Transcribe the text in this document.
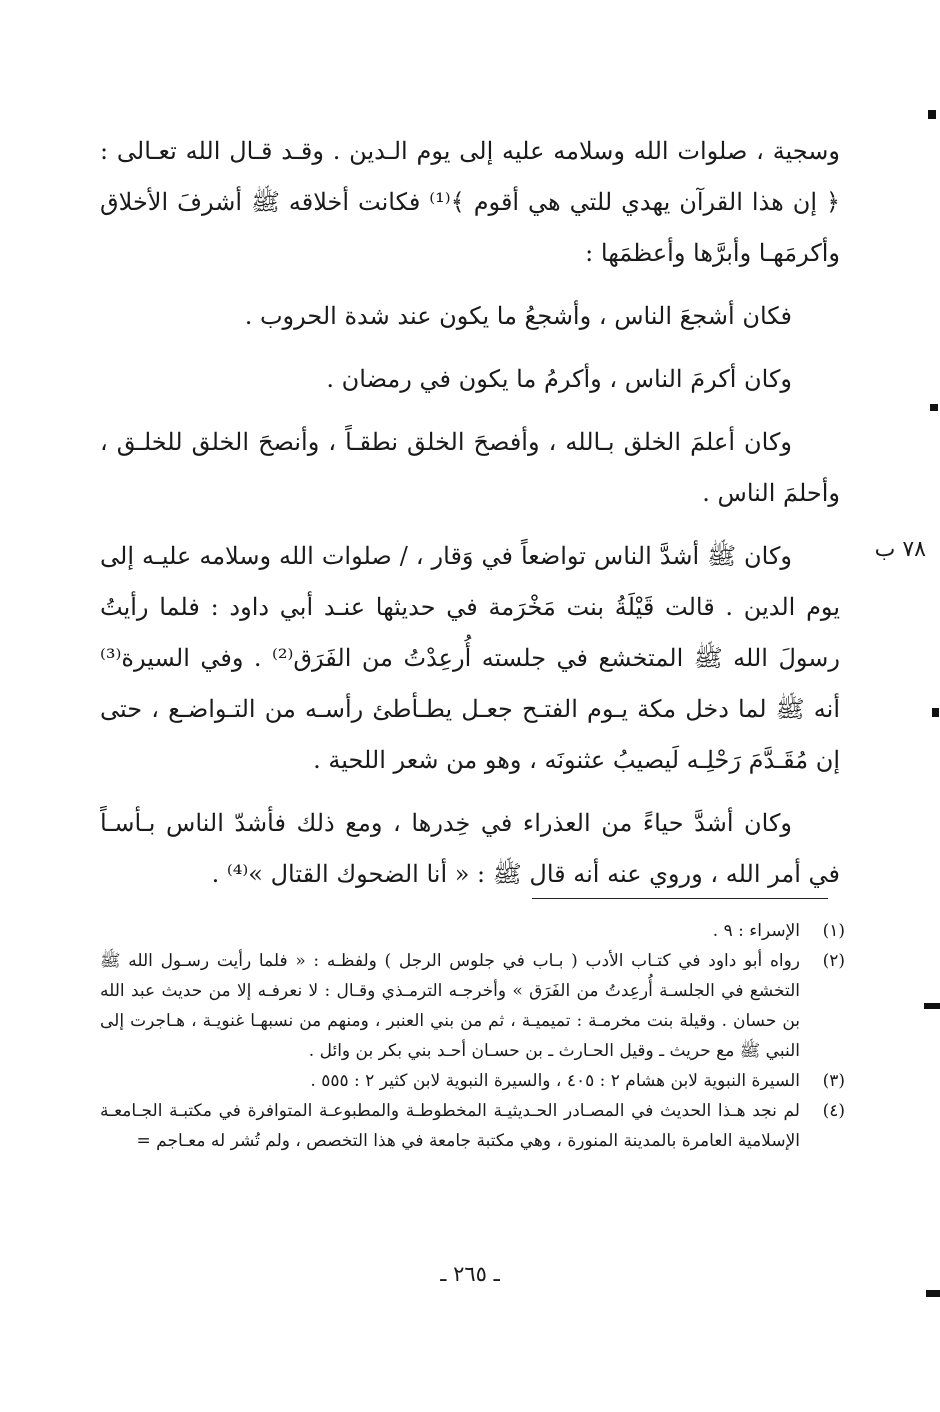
وسجية ، صلوات الله وسلامه عليه إلى يوم الـدين . وقـد قـال الله تعـالى : ﴿ إن هذا القرآن يهدي للتي هي أقوم ﴾⁽¹⁾ فكانت أخلاقه ﷺ أشرفَ الأخلاق وأكرمَهـا وأبرَّها وأعظمَها :

فكان أشجعَ الناس ، وأشجعُ ما يكون عند شدة الحروب .

وكان أكرمَ الناس ، وأكرمُ ما يكون في رمضان .

وكان أعلمَ الخلق بـالله ، وأفصحَ الخلق نطقـاً ، وأنصحَ الخلق للخلـق ، وأحلمَ الناس .

وكان ﷺ أشدَّ الناس تواضعاً في وَقار ، / صلوات الله وسلامه عليـه إلى يوم الدين . قالت قَيْلَةُ بنت مَخْرَمة في حديثها عنـد أبي داود : فلما رأيتُ رسولَ الله ﷺ المتخشع في جلسته أُرعِدْتُ من الفَرَق⁽²⁾ . وفي السيرة⁽³⁾ أنه ﷺ لما دخل مكة يـوم الفتـح جعـل يطـأطئ رأسـه من التـواضـع ، حتى إن مُقَـدَّمَ رَحْلِـه لَيصيبُ عثنونَه ، وهو من شعر اللحية .

وكان أشدَّ حياءً من العذراء في خِدرها ، ومع ذلك فأشدّ الناس بـأسـاً في أمر الله ، وروي عنه أنه قال ﷺ : « أنا الضحوك القتال »⁽⁴⁾ .

٧٨ ب
(١)
الإسراء : ٩ .
(٢)
رواه أبو داود في كتـاب الأدب ( بـاب في جلوس الرجل ) ولفظـه : « فلما رأيت رسـول الله ﷺ التخشع في الجلسـة أُرعِدتُ من الفَرَق » وأخرجـه الترمـذي وقـال : لا نعرفـه إلا من حديث عبد الله بن حسان . وقيلة بنت مخرمـة : تميميـة ، ثم من بني العنبر ، ومنهم من نسبهـا غنويـة ، هـاجرت إلى النبي ﷺ مع حريث ـ وقيل الحـارث ـ بن حسـان أحـد بني بكر بن وائل .
(٣)
السيرة النبوية لابن هشام ٢ : ٤٠٥ ، والسيرة النبوية لابن كثير ٢ : ٥٥٥ .
(٤)
لم نجد هـذا الحديث في المصـادر الحـديثيـة المخطوطـة والمطبوعـة المتوافرة في مكتبـة الجـامعـة الإسلامية العامرة بالمدينة المنورة ، وهي مكتبة جامعة في هذا التخصص ، ولم تُشر له معـاجم =
ـ ٢٦٥ ـ
